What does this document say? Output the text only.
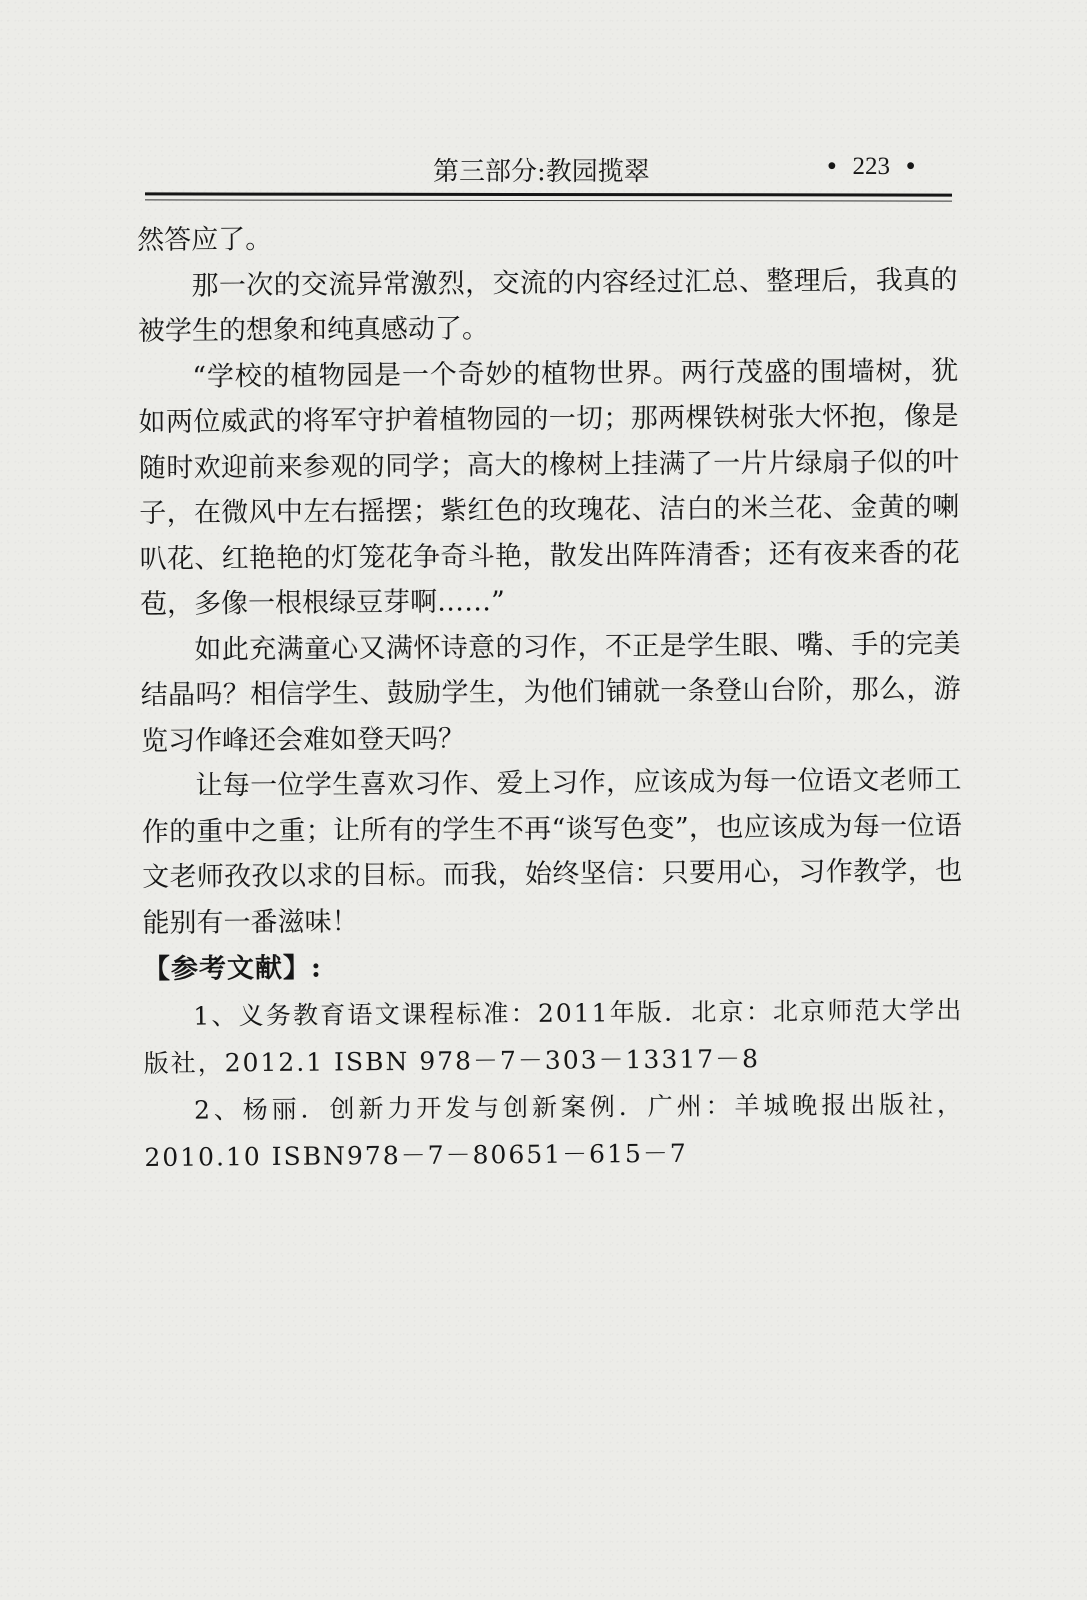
第三部分:教园揽翠	• 223 •

然答应了。

那一次的交流异常激烈，交流的内容经过汇总、整理后，我真的被学生的想象和纯真感动了。

“学校的植物园是一个奇妙的植物世界。两行茂盛的围墙树，犹如两位威武的将军守护着植物园的一切；那两棵铁树张大怀抱，像是随时欢迎前来参观的同学；高大的橡树上挂满了一片片绿扇子似的叶子，在微风中左右摇摆；紫红色的玫瑰花、洁白的米兰花、金黄的喇叭花、红艳艳的灯笼花争奇斗艳，散发出阵阵清香；还有夜来香的花苞，多像一根根绿豆芽啊……”

如此充满童心又满怀诗意的习作，不正是学生眼、嘴、手的完美结晶吗？相信学生、鼓励学生，为他们铺就一条登山台阶，那么，游览习作峰还会难如登天吗？

让每一位学生喜欢习作、爱上习作，应该成为每一位语文老师工作的重中之重；让所有的学生不再“谈写色变”，也应该成为每一位语文老师孜孜以求的目标。而我，始终坚信：只要用心，习作教学，也能别有一番滋味！

【参考文献】:

1、义务教育语文课程标准：2011年版．北京：北京师范大学出版社，2012.1 ISBN 978－7－303－13317－8

2、杨丽．创新力开发与创新案例．广州：羊城晚报出版社，2010.10 ISBN978－7－80651－615－7
